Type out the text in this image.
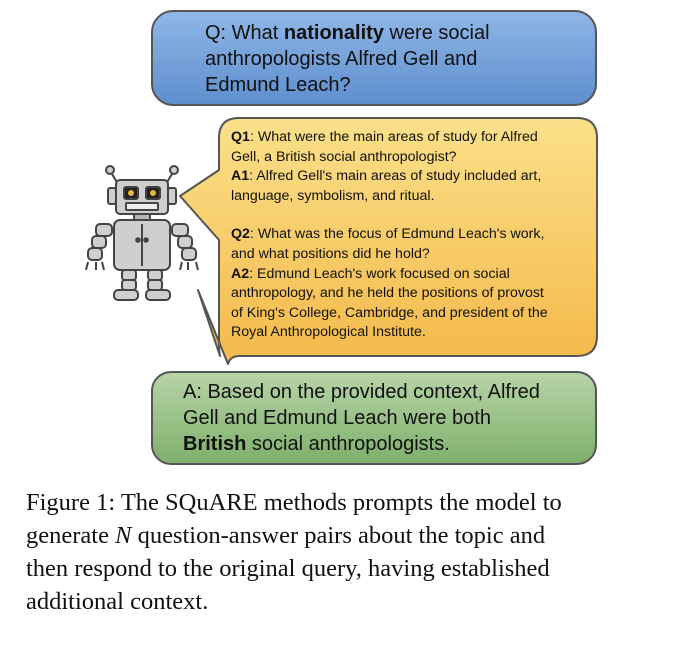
Q: What nationality were social
anthropologists Alfred Gell and
Edmund Leach?
Q1: What were the main areas of study for Alfred
Gell, a British social anthropologist?
A1: Alfred Gell's main areas of study included art,
language, symbolism, and ritual.
Q2: What was the focus of Edmund Leach's work,
and what positions did he hold?
A2: Edmund Leach's work focused on social
anthropology, and he held the positions of provost
of King's College, Cambridge, and president of the
Royal Anthropological Institute.
A: Based on the provided context, Alfred
Gell and Edmund Leach were both
British social anthropologists.
Figure 1: The SQuARE methods prompts the model to
generate N question-answer pairs about the topic and
then respond to the original query, having established
additional context.
